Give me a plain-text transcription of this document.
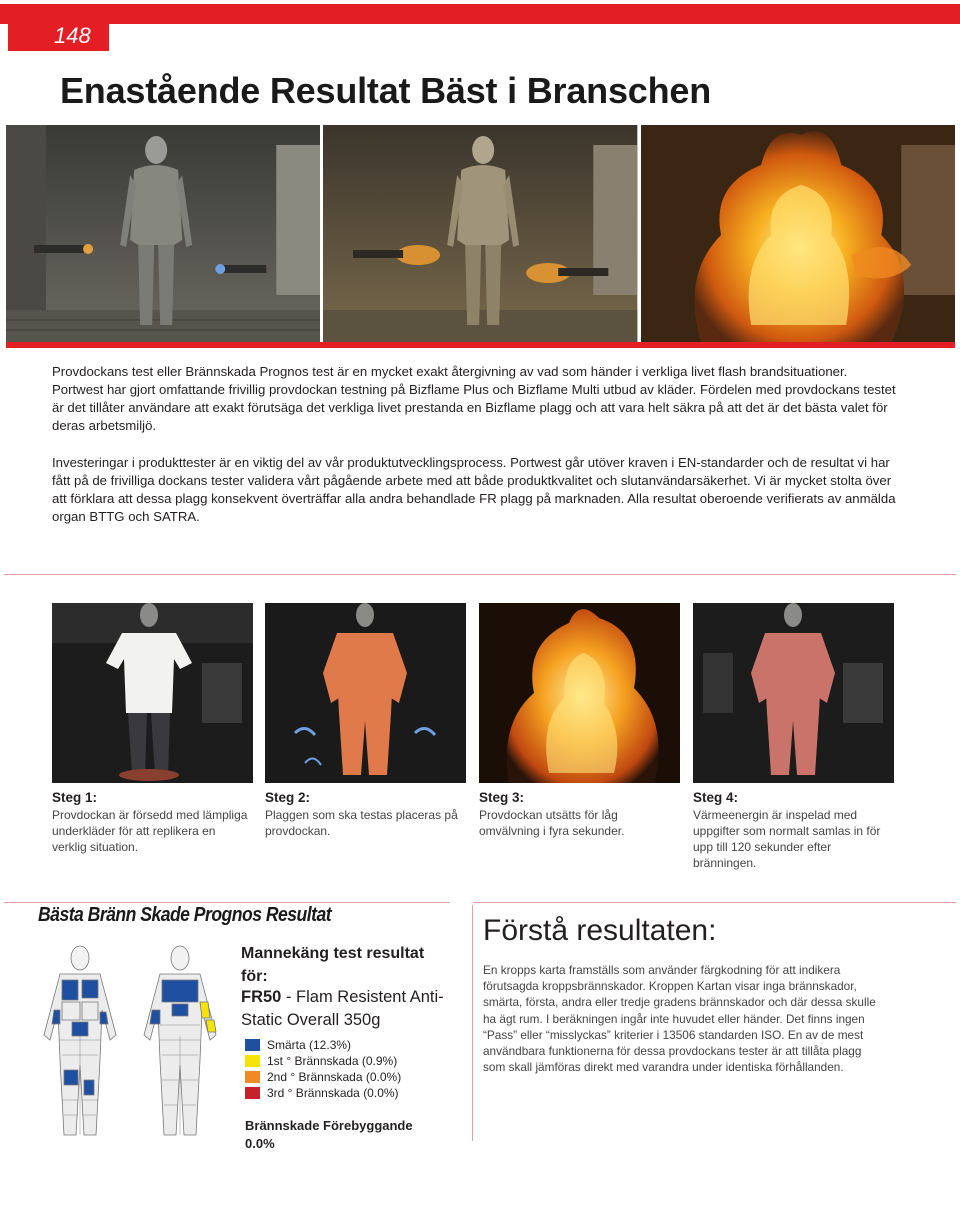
148
Enastående Resultat Bäst i Branschen
Provdockans test eller Brännskada Prognos test är en mycket exakt återgivning av vad som händer i verkliga livet flash brandsituationer. Portwest har gjort omfattande frivillig provdockan testning på Bizflame Plus och Bizflame Multi utbud av kläder. Fördelen med provdockans testet är det tillåter användare att exakt förutsäga det verkliga livet prestanda en Bizflame plagg och att vara helt säkra på att det är det bästa valet för deras arbetsmiljö.
Investeringar i produkttester är en viktig del av vår produktutvecklingsprocess. Portwest går utöver kraven i EN-standarder och de resultat vi har fått på de frivilliga dockans tester validera vårt pågående arbete med att både produktkvalitet och slutanvändarsäkerhet. Vi är mycket stolta över att förklara att dessa plagg konsekvent överträffar alla andra behandlade FR plagg på marknaden. Alla resultat oberoende verifierats av anmälda organ BTTG och SATRA.
Steg 1:

Provdockan är försedd med lämpliga underkläder för att replikera en verklig situation.

Steg 2:

Plaggen som ska testas placeras på provdockan.

Steg 3:

Provdockan utsätts för låg omvälvning i fyra sekunder.

Steg 4:

Värmeenergin är inspelad med uppgifter som normalt samlas in för upp till 120 sekunder efter bränningen.

Bästa Bränn Skade Prognos Resultat
Mannekäng test resultat för:
FR50 - Flam Resistent Anti-Static Overall 350g
Smärta (12.3%)
1st ° Brännskada (0.9%)
2nd ° Brännskada (0.0%)
3rd ° Brännskada (0.0%)
Brännskade Förebyggande
0.0%
Förstå resultaten:
En kropps karta framställs som använder färgkodning för att indikera förutsagda kroppsbrännskador. Kroppen Kartan visar inga brännskador, smärta, första, andra eller tredje gradens brännskador och där dessa skulle ha ägt rum. I beräkningen ingår inte huvudet eller händer. Det finns ingen “Pass” eller “misslyckas” kriterier i 13506 standarden ISO. En av de mest användbara funktionerna för dessa provdockans tester är att tillåta plagg som skall jämföras direkt med varandra under identiska förhållanden.
